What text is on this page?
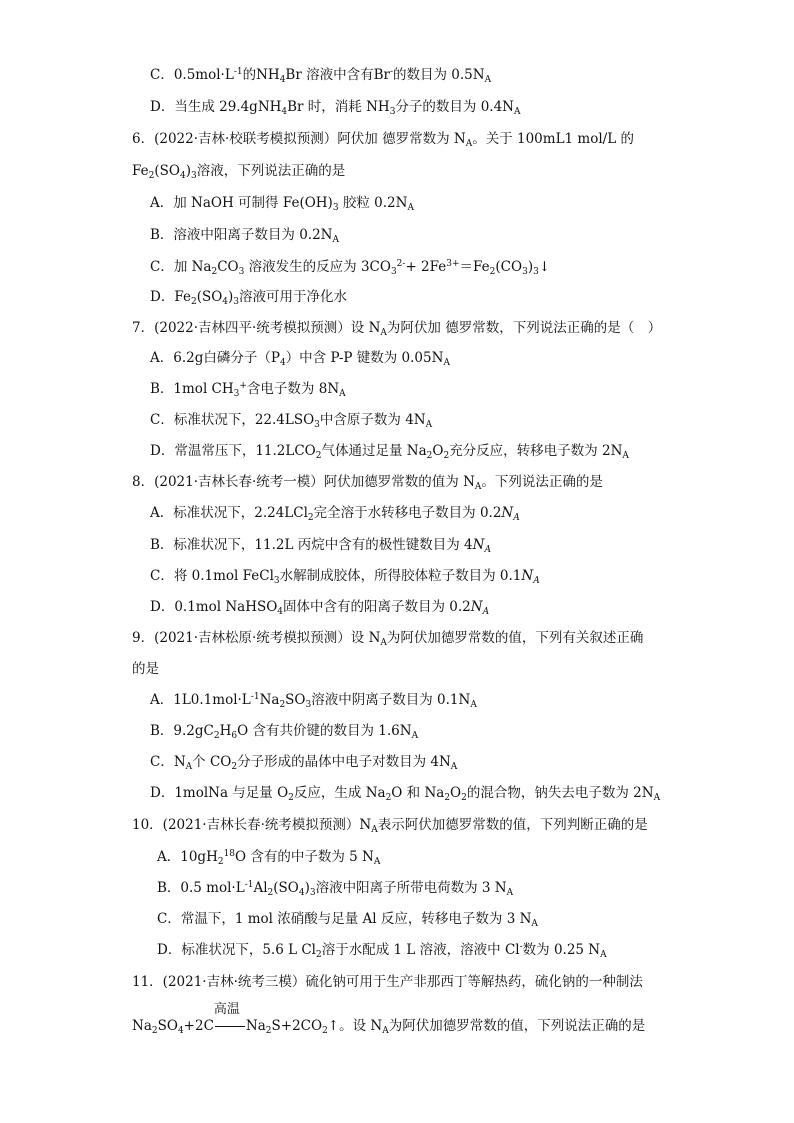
C．$0.5mol\cdot L^{-1}$的$NH_4Br$ 溶液中含有Br-的数目为 $0.5N_A$
D．当生成 29.4gNH$_4$Br 时，消耗 $NH_3$分子的数目为 $0.4N_A$
6．(2022·吉林·校联考模拟预测）阿伏加 德罗常数为 $N_A$。关于 100mL1 mol/L 的
$Fe_2(SO_4)_3$溶液，下列说法正确的是
A．加 NaOH 可制得 $Fe(OH)_3$ 胶粒 $0.2N_A$
B．溶液中阳离子数目为 $0.2N_A$
C．加 $Na_2CO_3$ 溶液发生的反应为 $3CO_3^{2-}+$ $2Fe^{3+}=Fe_2(CO_3)_3↓$
D．$Fe_2(SO_4)_3$溶液可用于净化水
7．(2022·吉林四平·统考模拟预测）设 $N_A$为阿伏加 德罗常数，下列说法正确的是（　）
A．6.2g白磷分子$(P_4)$中含 P-P 键数为 $0.05N_A$
B．1mol $CH_3^+$含电子数为 $8N_A$
C．标准状况下，$22.4LSO_3$中含原子数为 $4N_A$
D．常温常压下，$11.2LCO_2$气体通过足量 $Na_2O_2$充分反应，转移电子数为 $2N_A$
8．(2021·吉林长春·统考一模）阿伏加德罗常数的值为 $N_A$。下列说法正确的是
A．标准状况下，2.24LCl$_2$完全溶于水转移电子数目为 $0.2N_A$
B．标准状况下，11.2L 丙烷中含有的极性键数目为 $4N_A$
C．将 0.1mol FeCl$_3$水解制成胶体，所得胶体粒子数目为 $0.1N_A$
D．0.1mol NaHSO$_4$固体中含有的阳离子数目为 $0.2N_A$
9．(2021·吉林松原·统考模拟预测）设 $N_A$为阿伏加德罗常数的值，下列有关叙述正确
的是
A．$1L0.1mol\cdot L^{-1}Na_2SO_3$溶液中阴离子数目为 $0.1N_A$
B．$9.2gC_2H_6O$ 含有共价键的数目为 $1.6N_A$
C．$N_A$个 $CO_2$分子形成的晶体中电子对数目为 $4N_A$
D．1molNa 与足量 $O_2$反应，生成 $Na_2O$ 和 $Na_2O_2$的混合物，钠失去电子数为 $2N_A$
10．(2021·吉林长春·统考模拟预测）$N_A$表示阿伏加德罗常数的值，下列判断正确的是
A．$10gH_2^{18}O$ 含有的中子数为 5 $N_A$
B．0.5 $mol\cdot L^{-1}Al_2(SO_4)_3$溶液中阳离子所带电荷数为 3 $N_A$
C．常温下，1 mol 浓硝酸与足量 Al 反应，转移电子数为 3 $N_A$
D．标准状况下，5.6 L $Cl_2$溶于水配成 1 L 溶液，溶液中 Cl-数为 0.25 $N_A$
11．(2021·吉林·统考三模）硫化钠可用于生产非那西丁等解热药，硫化钠的一种制法
$Na_2SO_4+2C$
高温
$Na_2S+2CO_2↑$。设 $N_A$为阿伏加德罗常数的值，下列说法正确的是
